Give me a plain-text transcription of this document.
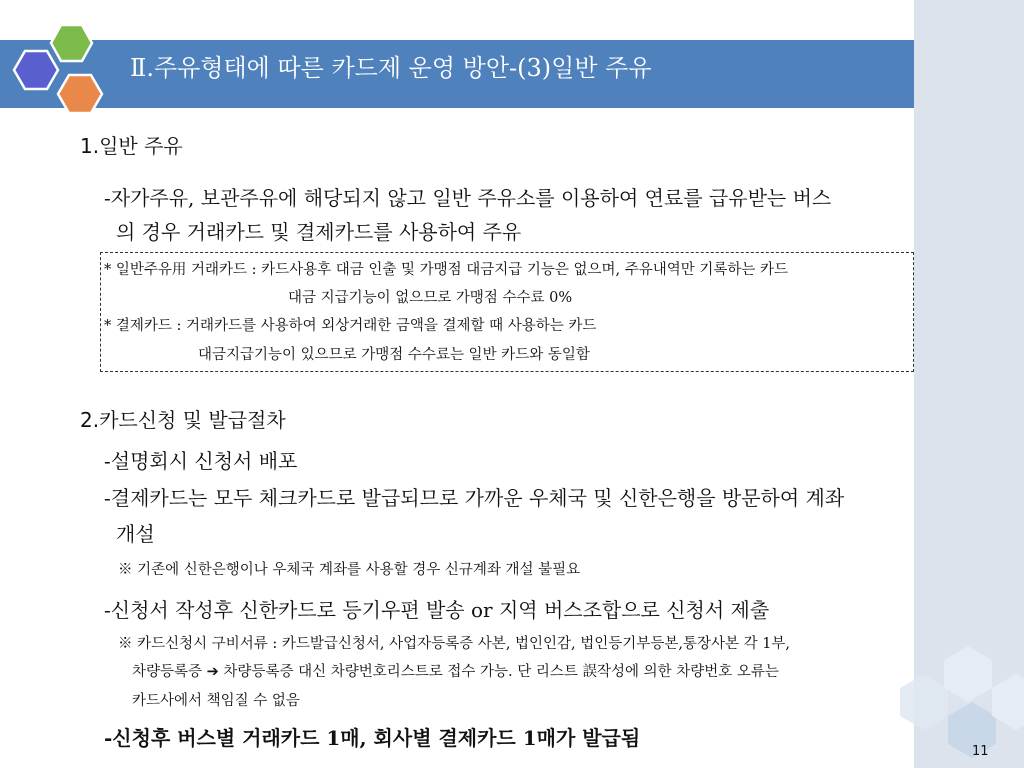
Ⅱ.주유형태에 따른 카드제 운영 방안-(3)일반 주유
1.일반 주유
-자가주유, 보관주유에 해당되지 않고 일반 주유소를 이용하여 연료를 급유받는 버스
의 경우 거래카드 및 결제카드를 사용하여 주유
* 일반주유用 거래카드 : 카드사용후 대금 인출 및 가맹점 대금지급 기능은 없으며, 주유내역만 기록하는 카드
대금 지급기능이 없으므로 가맹점 수수료 0%
* 결제카드 : 거래카드를 사용하여 외상거래한 금액을 결제할 때 사용하는 카드
대금지급기능이 있으므로 가맹점 수수료는 일반 카드와 동일함
2.카드신청 및 발급절차
-설명회시 신청서 배포
-결제카드는 모두 체크카드로 발급되므로 가까운 우체국 및 신한은행을 방문하여 계좌
개설
※ 기존에 신한은행이나 우체국 계좌를 사용할 경우 신규계좌 개설 불필요
-신청서 작성후 신한카드로 등기우편 발송 or 지역 버스조합으로 신청서 제출
※ 카드신청시 구비서류 : 카드발급신청서, 사업자등록증 사본, 법인인감, 법인등기부등본,통장사본 각 1부,
차량등록증 ➔ 차량등록증 대신 차량번호리스트로 접수 가능. 단 리스트 誤작성에 의한 차량번호 오류는
카드사에서 책임질 수 없음
-신청후 버스별 거래카드 1매, 회사별 결제카드 1매가 발급됨
11
